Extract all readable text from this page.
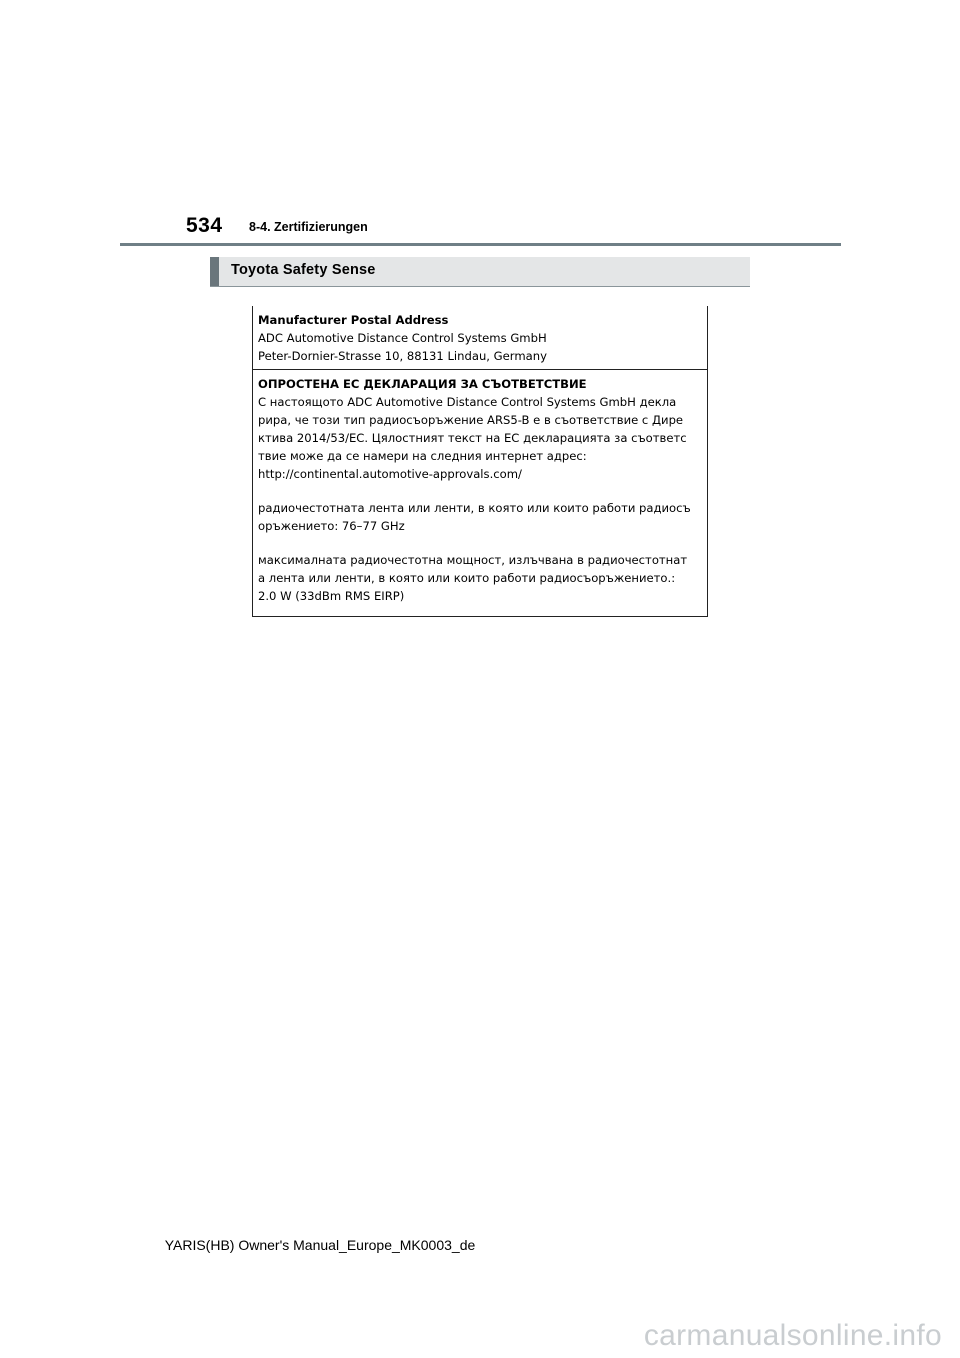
534 8-4. Zertifizierungen
Toyota Safety Sense
Manufacturer Postal Address
ADC Automotive Distance Control Systems GmbH
Peter-Dornier-Strasse 10, 88131 Lindau, Germany
ОПРОСТЕНА ЕС ДЕКЛАРАЦИЯ ЗА СЪОТВЕТСТВИЕ
С настоящото ADC Automotive Distance Control Systems GmbH декла
рира, че този тип радиосъоръжение ARS5-B е в съответствие с Дире
ктива 2014/53/ЕС. Цялостният текст на ЕС декларацията за съответс
твие може да се намери на следния интернет адрес:
http://continental.automotive-approvals.com/
радиочестотната лента или ленти, в която или които работи радиосъ
оръжението: 76–77 GHz
максималната радиочестотна мощност, излъчвана в радиочестотнат
а лента или ленти, в която или които работи радиосъоръжението.:
2.0 W (33dBm RMS EIRP)
YARIS(HB) Owner's Manual_Europe_MK0003_de
carmanualsonline.info
